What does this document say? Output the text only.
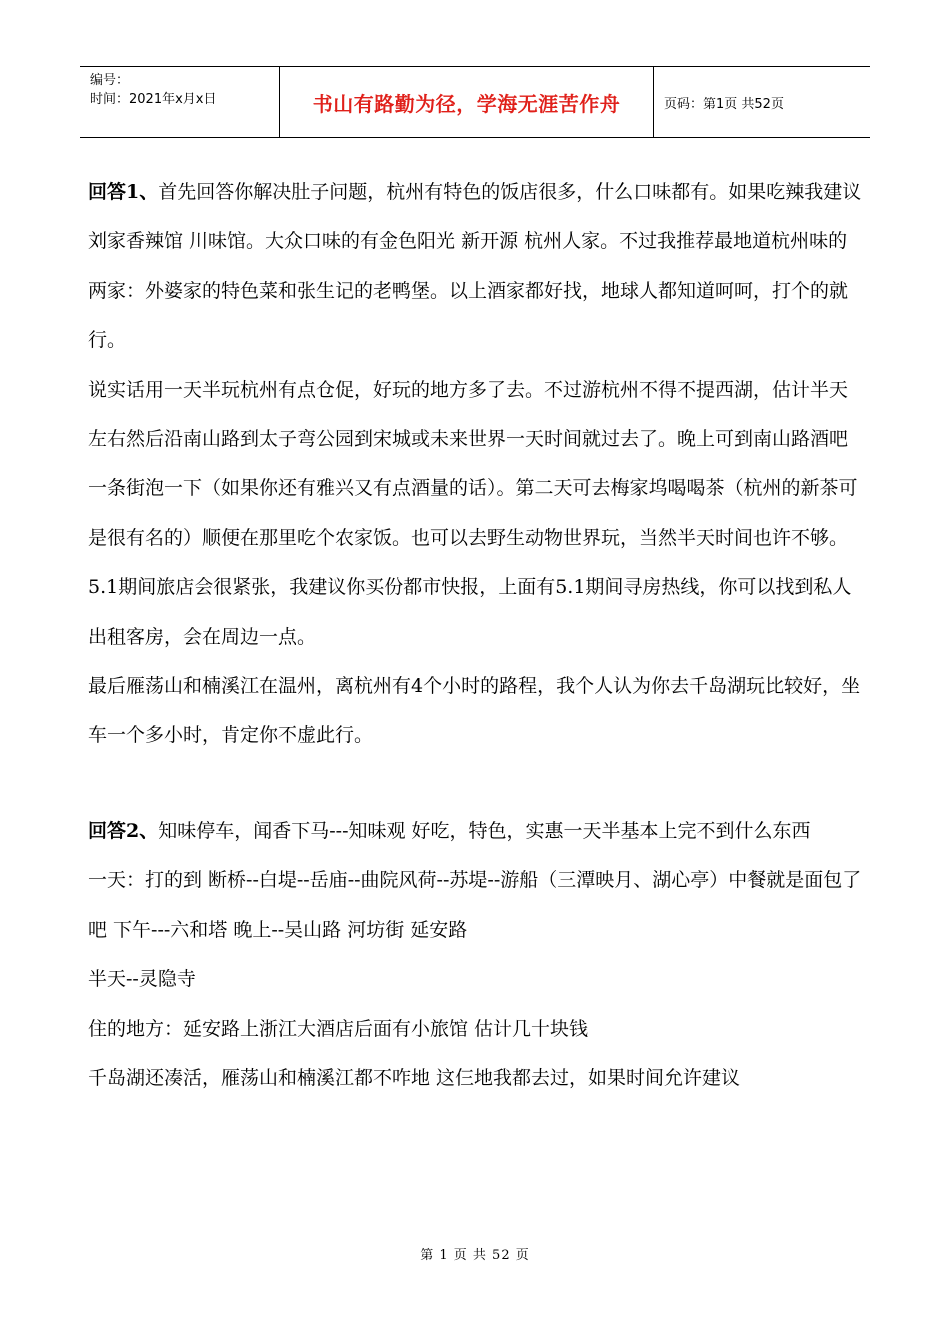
编号：
时间：2021年x月x日	书山有路勤为径，学海无涯苦作舟	页码：第1页 共52页

回答1、首先回答你解决肚子问题，杭州有特色的饭店很多，什么口味都有。如果吃辣我建议刘家香辣馆 川味馆。大众口味的有金色阳光 新开源 杭州人家。不过我推荐最地道杭州味的两家：外婆家的特色菜和张生记的老鸭堡。以上酒家都好找，地球人都知道呵呵，打个的就行。

说实话用一天半玩杭州有点仓促，好玩的地方多了去。不过游杭州不得不提西湖，估计半天左右然后沿南山路到太子弯公园到宋城或未来世界一天时间就过去了。晚上可到南山路酒吧一条街泡一下（如果你还有雅兴又有点酒量的话）。第二天可去梅家坞喝喝茶（杭州的新茶可是很有名的）顺便在那里吃个农家饭。也可以去野生动物世界玩，当然半天时间也许不够。

5.1期间旅店会很紧张，我建议你买份都市快报，上面有5.1期间寻房热线，你可以找到私人出租客房，会在周边一点。

最后雁荡山和楠溪江在温州，离杭州有4个小时的路程，我个人认为你去千岛湖玩比较好，坐车一个多小时，肯定你不虚此行。

回答2、知味停车，闻香下马---知味观 好吃，特色，实惠一天半基本上完不到什么东西

一天：打的到 断桥--白堤--岳庙--曲院风荷--苏堤--游船（三潭映月、湖心亭）中餐就是面包了吧 下午---六和塔 晚上--吴山路 河坊街 延安路

半天--灵隐寺

住的地方：延安路上浙江大酒店后面有小旅馆 估计几十块钱

千岛湖还凑活，雁荡山和楠溪江都不咋地 这仨地我都去过，如果时间允许建议

第 1 页 共 52 页
